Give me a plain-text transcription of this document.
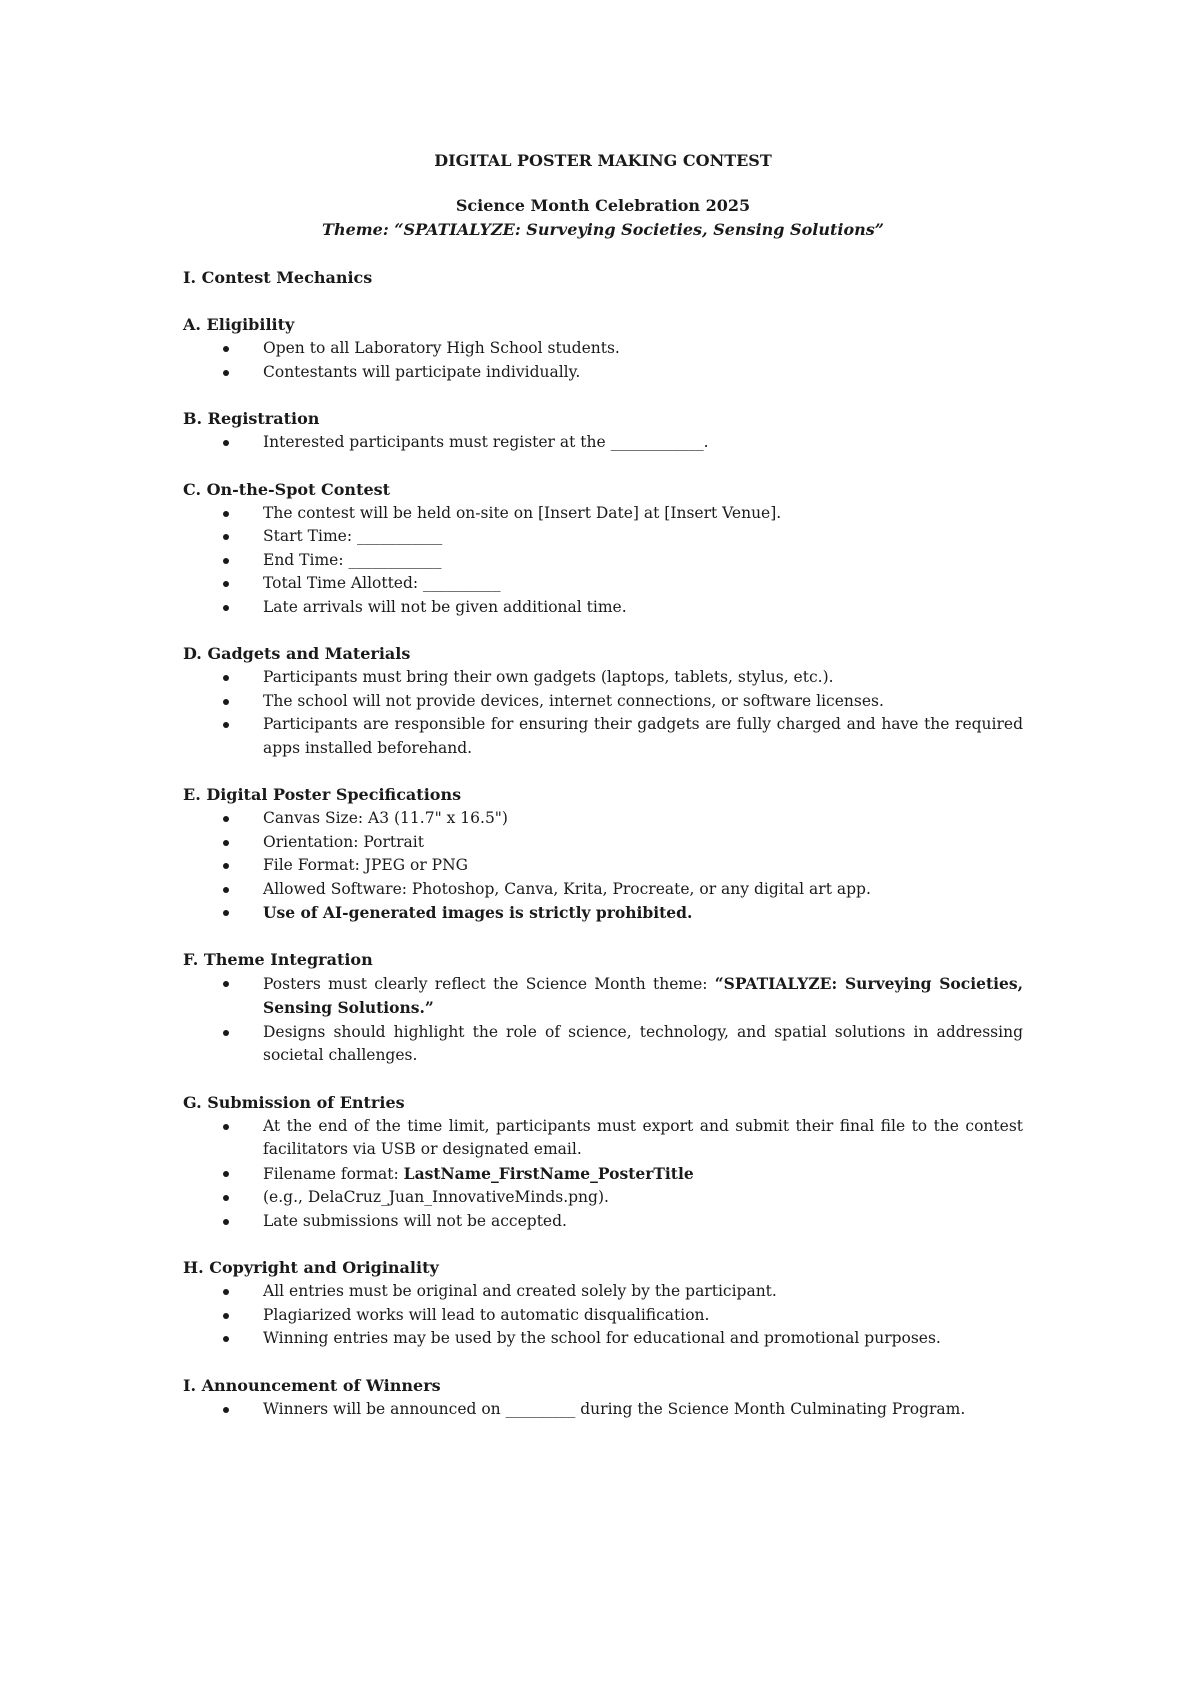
DIGITAL POSTER MAKING CONTEST

Science Month Celebration 2025

Theme: “SPATIALYZE: Surveying Societies, Sensing Solutions”

I. Contest Mechanics

A. Eligibility

Open to all Laboratory High School students.
Contestants will participate individually.

B. Registration

Interested participants must register at the ____________.

C. On-the-Spot Contest

The contest will be held on-site on [Insert Date] at [Insert Venue].
Start Time: ___________
End Time: ____________
Total Time Allotted: __________
Late arrivals will not be given additional time.

D. Gadgets and Materials

Participants must bring their own gadgets (laptops, tablets, stylus, etc.).
The school will not provide devices, internet connections, or software licenses.
Participants are responsible for ensuring their gadgets are fully charged and have the required apps installed beforehand.

E. Digital Poster Specifications

Canvas Size: A3 (11.7" x 16.5")
Orientation: Portrait
File Format: JPEG or PNG
Allowed Software: Photoshop, Canva, Krita, Procreate, or any digital art app.
Use of AI-generated images is strictly prohibited.

F. Theme Integration

Posters must clearly reflect the Science Month theme: “SPATIALYZE: Surveying Societies, Sensing Solutions.”
Designs should highlight the role of science, technology, and spatial solutions in addressing societal challenges.

G. Submission of Entries

At the end of the time limit, participants must export and submit their final file to the contest facilitators via USB or designated email.
Filename format: LastName_FirstName_PosterTitle
(e.g., DelaCruz_Juan_InnovativeMinds.png).
Late submissions will not be accepted.

H. Copyright and Originality

All entries must be original and created solely by the participant.
Plagiarized works will lead to automatic disqualification.
Winning entries may be used by the school for educational and promotional purposes.

I. Announcement of Winners

Winners will be announced on _________ during the Science Month Culminating Program.
